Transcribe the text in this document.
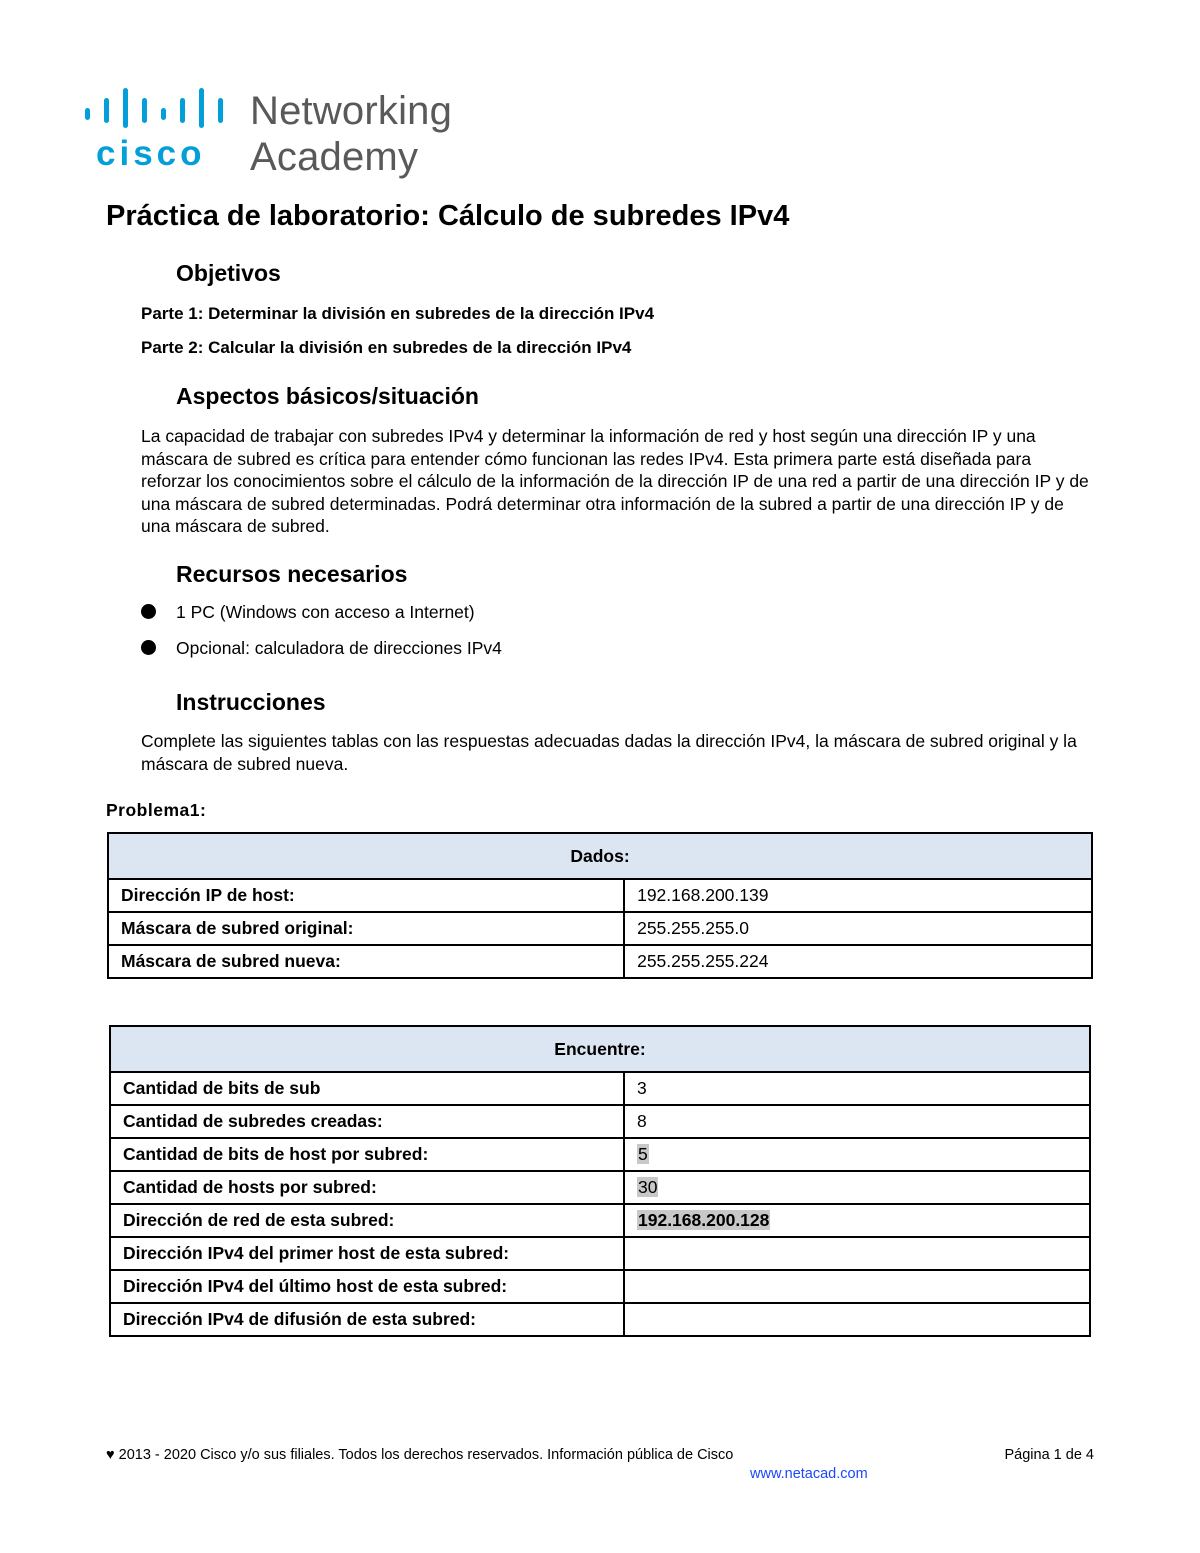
cisco
Networking
Academy
Práctica de laboratorio: Cálculo de subredes IPv4
Objetivos
Parte 1: Determinar la división en subredes de la dirección IPv4
Parte 2: Calcular la división en subredes de la dirección IPv4
Aspectos básicos/situación

La capacidad de trabajar con subredes IPv4 y determinar la información de red y host según una dirección IP y una máscara de subred es crítica para entender cómo funcionan las redes IPv4. Esta primera parte está diseñada para reforzar los conocimientos sobre el cálculo de la información de la dirección IP de una red a partir de una dirección IP y de una máscara de subred determinadas. Podrá determinar otra información de la subred a partir de una dirección IP y de una máscara de subred.

Recursos necesarios
1 PC (Windows con acceso a Internet)
Opcional: calculadora de direcciones IPv4
Instrucciones

Complete las siguientes tablas con las respuestas adecuadas dadas la dirección IPv4, la máscara de subred original y la máscara de subred nueva.

Problema1:
Dados:	
Dirección IP de host:	192.168.200.139
Máscara de subred original:	255.255.255.0
Máscara de subred nueva:	255.255.255.224
Encuentre:	
Cantidad de bits de sub	3
Cantidad de subredes creadas:	8
Cantidad de bits de host por subred:	5
Cantidad de hosts por subred:	30
Dirección de red de esta subred:	192.168.200.128
Dirección IPv4 del primer host de esta subred:	
Dirección IPv4 del último host de esta subred:	
Dirección IPv4 de difusión de esta subred:	
♥ 2013 - 2020 Cisco y/o sus filiales. Todos los derechos reservados. Información pública de Cisco	Página 1 de 4
www.netacad.com
